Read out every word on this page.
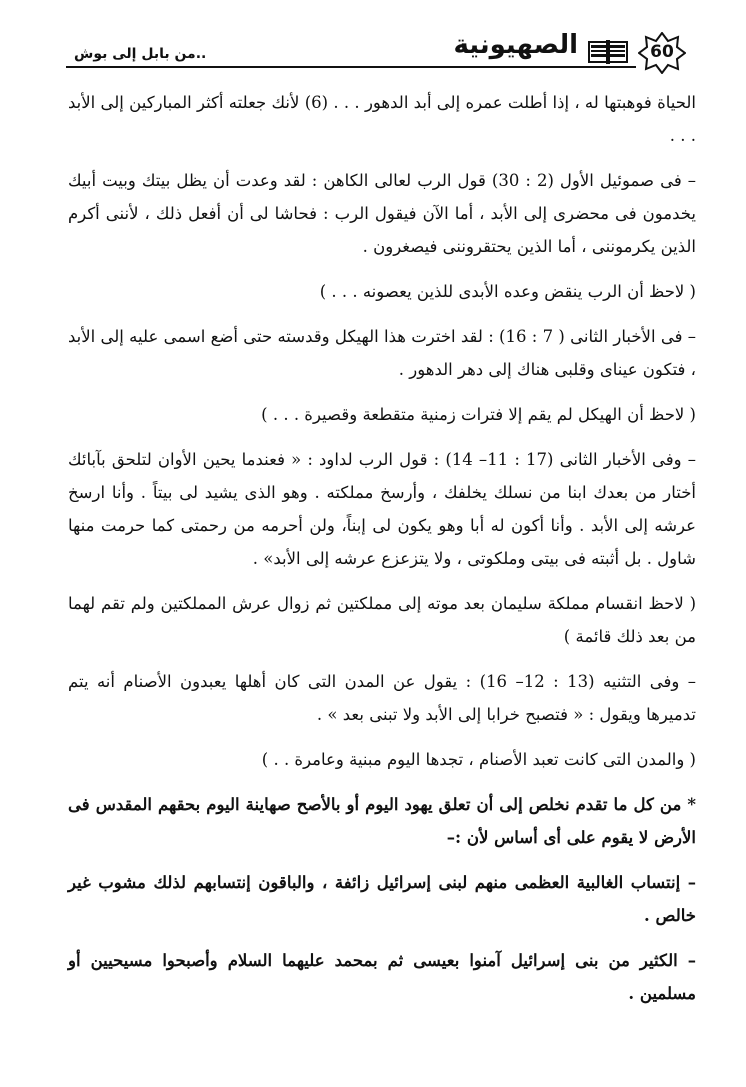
60
الصهيونية
..من بابل إلى بوش

الحياة فوهبتها له ، إذا أطلت عمره إلى أبد الدهور . . . (6) لأنك جعلته أكثر المباركين إلى الأبد . . .

– فى صموئيل الأول (2 : 30) قول الرب لعالى الكاهن : لقد وعدت أن يظل بيتك وبيت أبيك يخدمون فى محضرى إلى الأبد ، أما الآن فيقول الرب : فحاشا لى أن أفعل ذلك ، لأننى أكرم الذين يكرموننى ، أما الذين يحتقروننى فيصغرون .

( لاحظ أن الرب ينقض وعده الأبدى للذين يعصونه . . . )

– فى الأخبار الثانى ( 7 : 16) : لقد اخترت هذا الهيكل وقدسته حتى أضع اسمى عليه إلى الأبد ، فتكون عيناى وقلبى هناك إلى دهر الدهور .

( لاحظ أن الهيكل لم يقم إلا فترات زمنية متقطعة وقصيرة . . . )

– وفى الأخبار الثانى (17 : 11– 14) : قول الرب لداود : « فعندما يحين الأوان لتلحق بآبائك أختار من بعدك ابنا من نسلك يخلفك ، وأرسخ مملكته . وهو الذى يشيد لى بيتاً . وأنا ارسخ عرشه إلى الأبد . وأنا أكون له أبا وهو يكون لى إبناً، ولن أحرمه من رحمتى كما حرمت منها شاول . بل أثبته فى بيتى وملكوتى ، ولا يتزعزع عرشه إلى الأبد» .

( لاحظ انقسام مملكة سليمان بعد موته إلى مملكتين ثم زوال عرش المملكتين ولم تقم لهما من بعد ذلك قائمة )

– وفى التثنيه (13 : 12– 16) : يقول عن المدن التى كان أهلها يعبدون الأصنام أنه يتم تدميرها ويقول : « فتصبح خرابا إلى الأبد ولا تبنى بعد » .

( والمدن التى كانت تعبد الأصنام ، تجدها اليوم مبنية وعامرة . . )

* من كل ما تقدم نخلص إلى أن تعلق يهود اليوم أو بالأصح صهاينة اليوم بحقهم المقدس فى الأرض لا يقوم على أى أساس لأن :–

– إنتساب الغالبية العظمى منهم لبنى إسرائيل زائفة ، والباقون إنتسابهم لذلك مشوب غير خالص .

– الكثير من بنى إسرائيل آمنوا بعيسى ثم بمحمد عليهما السلام وأصبحوا مسيحيين أو مسلمين .
